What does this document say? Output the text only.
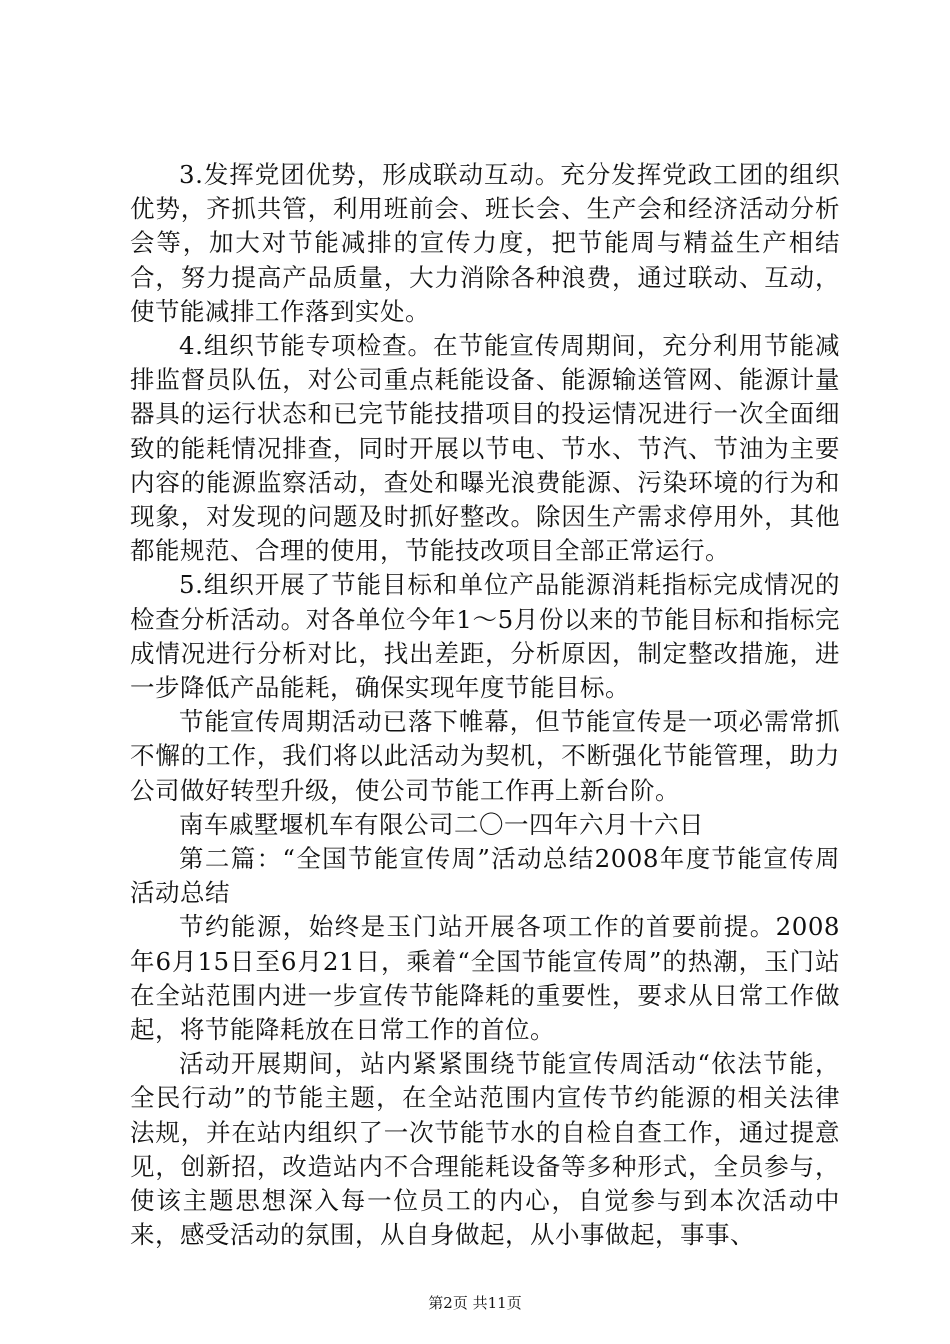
3.发挥党团优势，形成联动互动。充分发挥党政工团的组织优势，齐抓共管，利用班前会、班长会、生产会和经济活动分析会等，加大对节能减排的宣传力度，把节能周与精益生产相结合，努力提高产品质量，大力消除各种浪费，通过联动、互动，使节能减排工作落到实处。

4.组织节能专项检查。在节能宣传周期间，充分利用节能减排监督员队伍，对公司重点耗能设备、能源输送管网、能源计量器具的运行状态和已完节能技措项目的投运情况进行一次全面细致的能耗情况排查，同时开展以节电、节水、节汽、节油为主要内容的能源监察活动，查处和曝光浪费能源、污染环境的行为和现象，对发现的问题及时抓好整改。除因生产需求停用外，其他都能规范、合理的使用，节能技改项目全部正常运行。

5.组织开展了节能目标和单位产品能源消耗指标完成情况的检查分析活动。对各单位今年1～5月份以来的节能目标和指标完成情况进行分析对比，找出差距，分析原因，制定整改措施，进一步降低产品能耗，确保实现年度节能目标。

节能宣传周期活动已落下帷幕，但节能宣传是一项必需常抓不懈的工作，我们将以此活动为契机，不断强化节能管理，助力公司做好转型升级，使公司节能工作再上新台阶。

南车戚墅堰机车有限公司二〇一四年六月十六日

第二篇：“全国节能宣传周”活动总结2008年度节能宣传周活动总结

节约能源，始终是玉门站开展各项工作的首要前提。2008年6月15日至6月21日，乘着“全国节能宣传周”的热潮，玉门站在全站范围内进一步宣传节能降耗的重要性，要求从日常工作做起，将节能降耗放在日常工作的首位。

活动开展期间，站内紧紧围绕节能宣传周活动“依法节能，全民行动”的节能主题，在全站范围内宣传节约能源的相关法律法规，并在站内组织了一次节能节水的自检自查工作，通过提意见，创新招，改造站内不合理能耗设备等多种形式，全员参与，使该主题思想深入每一位员工的内心，自觉参与到本次活动中来，感受活动的氛围，从自身做起，从小事做起，事事、

第2页 共11页
